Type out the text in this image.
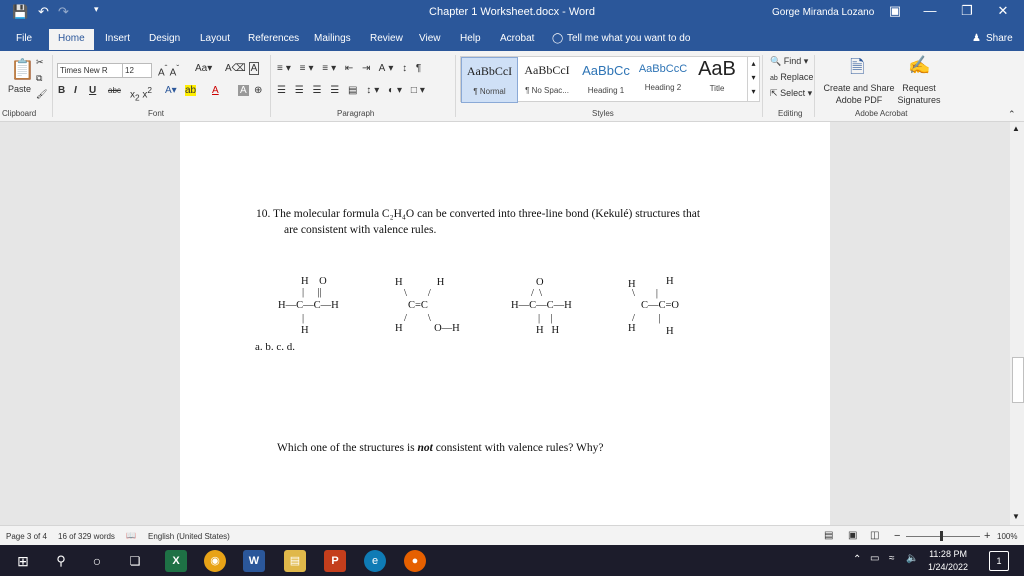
💾 ↶ ↷	▾	Chapter 1 Worksheet.docx - Word	Gorge Miranda Lozano	▣	—	❐	✕
File	Home	Insert Design Layout References Mailings Review View Help Acrobat ◯ Tell me what you want to do	♟ Share
📋
Paste
✂
⧉
🖌
Times New R	12	$A^ˆ$ $A^ˇ$ Aa▾ A⌫ A
B I U abc $x_2$ $x^2$ A▾ ab A A ⊕
≡▾ ≡▾ ≡▾ ⇤ ⇥ A▾ ↕ ¶
☰ ☰ ☰ ☰ ▤ ↕▾ ◐▾ □▾
AaBbCcI
¶ Normal
AaBbCcI
¶ No Spac...
AaBbCc
Heading 1
AaBbCcC
Heading 2
AaB
Title
▴
▾
▾
🔍 Find ▾
ab Replace
⇱ Select ▾
🗎
Create and Share Adobe PDF
✍
Request Signatures
Clipboard	Font	Paragraph	Styles	Editing	Adobe Acrobat	⌃
10. The molecular formula C₂H₄O can be converted into three-line bond (Kekulé) structures that
are consistent with valence rules.
H    O
|     ||
H—C—C—H
|
H
H             H
\        /
C=C
/        \
H            O—H
O
/  \
H—C—C—H
|    |
H   H
H	H
\        |
C—C=O
/         |
H	H
a. b. c. d.
Which one of the structures is not consistent with valence rules? Why?
▲
▼
Page 3 of 4 16 of 329 words 📖 English (United States)	▤ ▣ ◫ −	+ 100%
⊞	⚲	○	❏	X	◉	W	▤	P	e	●	⌃ ▭ ≈ 🔈 11:28 PM
1/24/2022
1
